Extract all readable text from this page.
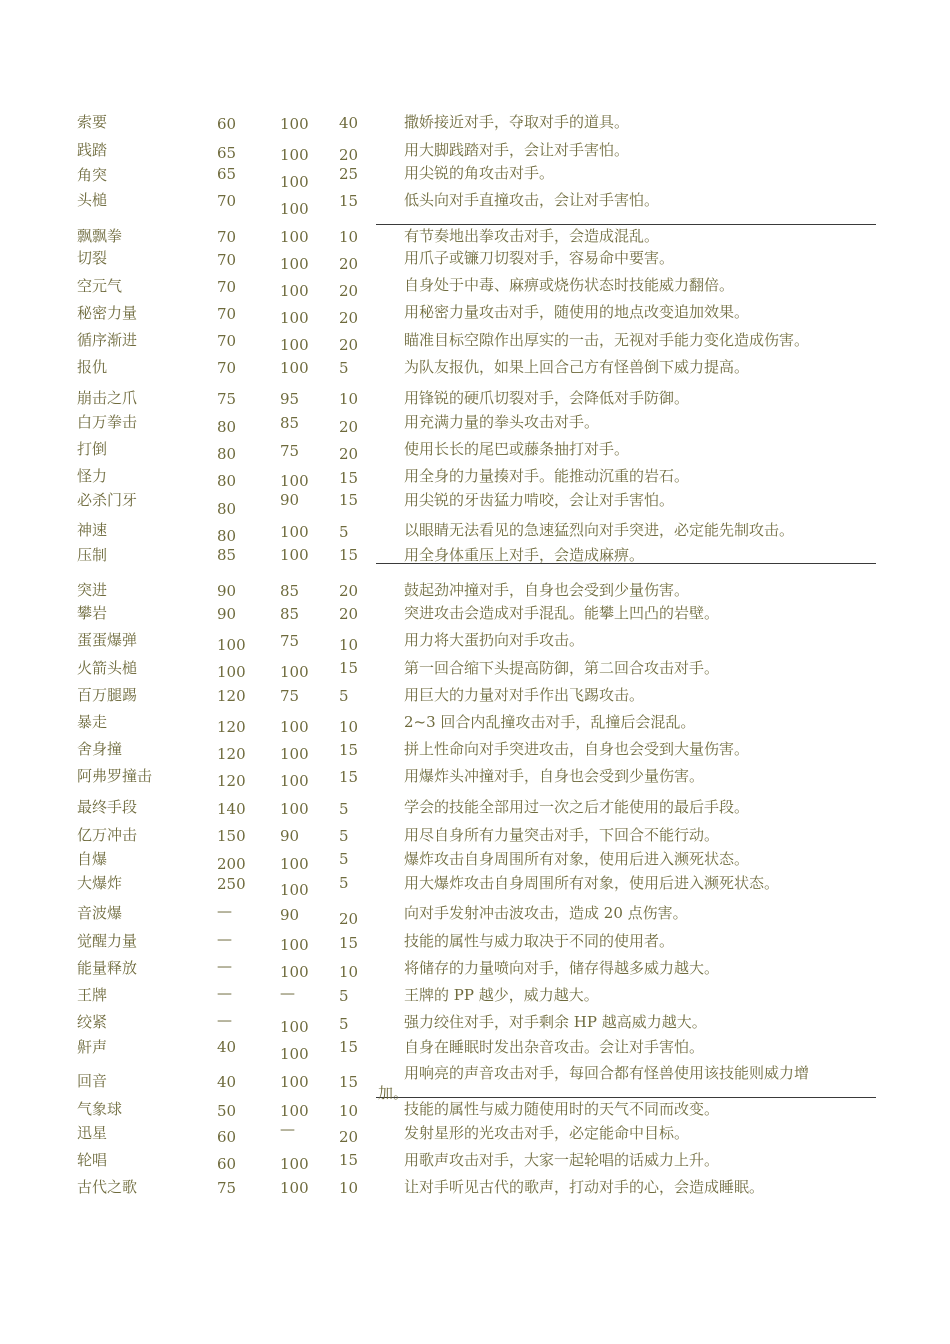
索要	60	100 40	撒娇接近对手，夺取对手的道具。
践踏	65	100 20	用大脚践踏对手，会让对手害怕。
角突	65	100 25	用尖锐的角攻击对手。
头槌	70	100 15	低头向对手直撞攻击，会让对手害怕。
飘飘拳	70	100 10	有节奏地出拳攻击对手，会造成混乱。
切裂	70	100 20	用爪子或镰刀切裂对手，容易命中要害。
空元气	70	100 20	自身处于中毒、麻痹或烧伤状态时技能威力翻倍。
秘密力量	70	100 20	用秘密力量攻击对手，随使用的地点改变追加效果。
循序渐进	70	100 20	瞄准目标空隙作出厚实的一击，无视对手能力变化造成伤害。
报仇	70	100 5	为队友报仇，如果上回合己方有怪兽倒下威力提高。
崩击之爪	75	95	10	用锋锐的硬爪切裂对手，会降低对手防御。
白万拳击	80	85	20	用充满力量的拳头攻击对手。
打倒	80	75	20	使用长长的尾巴或藤条抽打对手。
怪力	80	100 15	用全身的力量揍对手。能推动沉重的岩石。
必杀门牙	80	90	15	用尖锐的牙齿猛力啃咬，会让对手害怕。
神速	80	100 5	以眼睛无法看见的急速猛烈向对手突进，必定能先制攻击。
压制	85	100 15	用全身体重压上对手，会造成麻痹。
突进	90	85	20	鼓起劲冲撞对手，自身也会受到少量伤害。
攀岩	90	85	20	突进攻击会造成对手混乱。能攀上凹凸的岩壁。
蛋蛋爆弹	100 75	10	用力将大蛋扔向对手攻击。
火箭头槌	100 100 15	第一回合缩下头提高防御，第二回合攻击对手。
百万腿踢	120 75	5	用巨大的力量对对手作出飞踢攻击。
暴走	120 100 10	2~3 回合内乱撞攻击对手，乱撞后会混乱。
舍身撞	120 100 15	拼上性命向对手突进攻击，自身也会受到大量伤害。
阿弗罗撞击	120 100 15	用爆炸头冲撞对手，自身也会受到少量伤害。
最终手段	140 100 5	学会的技能全部用过一次之后才能使用的最后手段。
亿万冲击	150 90	5	用尽自身所有力量突击对手，下回合不能行动。
自爆	200 100 5	爆炸攻击自身周围所有对象，使用后进入濒死状态。
大爆炸	250 100 5	用大爆炸攻击自身周围所有对象，使用后进入濒死状态。
音波爆	—	90	20	向对手发射冲击波攻击，造成 20 点伤害。
觉醒力量	—	100 15	技能的属性与威力取决于不同的使用者。
能量释放	—	100 10	将储存的力量喷向对手，储存得越多威力越大。
王牌	—	—	5	王牌的 PP 越少，威力越大。
绞紧	—	100 5	强力绞住对手，对手剩余 HP 越高威力越大。
鼾声	40	100 15	自身在睡眠时发出杂音攻击。会让对手害怕。
回音	40	100 15	用响亮的声音攻击对手，每回合都有怪兽使用该技能则威力增
加。
气象球	50	100 10	技能的属性与威力随使用时的天气不同而改变。
迅星	60	—	20	发射星形的光攻击对手，必定能命中目标。
轮唱	60	100 15	用歌声攻击对手，大家一起轮唱的话威力上升。
古代之歌	75	100 10	让对手听见古代的歌声，打动对手的心，会造成睡眠。
